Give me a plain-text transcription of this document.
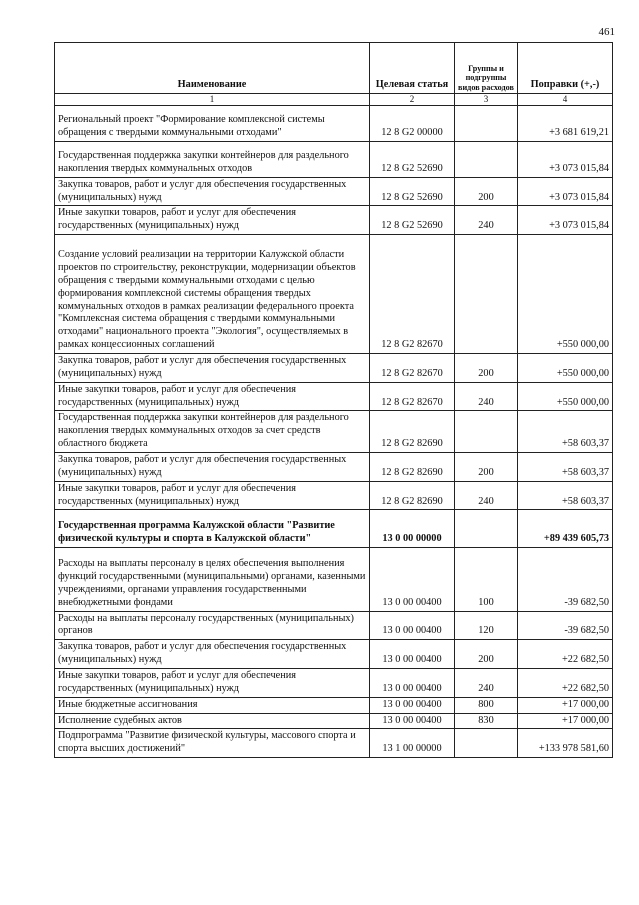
461
Наименование	Целевая статья	Группы и подгруппы видов расходов	Поправки (+,-)
1	2	3	4
Региональный проект "Формирование комплексной системы обращения с твердыми коммунальными отходами"	12 8 G2 00000		+3 681 619,21
Государственная поддержка закупки контейнеров для раздельного накопления твердых коммунальных отходов	12 8 G2 52690		+3 073 015,84
Закупка товаров, работ и услуг для обеспечения государственных (муниципальных) нужд	12 8 G2 52690	200	+3 073 015,84
Иные закупки товаров, работ и услуг для обеспечения государственных (муниципальных) нужд	12 8 G2 52690	240	+3 073 015,84
Создание условий реализации на территории Калужской области проектов по строительству, реконструкции, модернизации объектов обращения с твердыми коммунальными отходами с целью формирования комплексной системы обращения твердых коммунальных отходов в рамках реализации федерального проекта "Комплексная система обращения с твердыми коммунальными отходами" национального проекта "Экология", осуществляемых в рамках концессионных соглашений	12 8 G2 82670		+550 000,00
Закупка товаров, работ и услуг для обеспечения государственных (муниципальных) нужд	12 8 G2 82670	200	+550 000,00
Иные закупки товаров, работ и услуг для обеспечения государственных (муниципальных) нужд	12 8 G2 82670	240	+550 000,00
Государственная поддержка закупки контейнеров для раздельного накопления твердых коммунальных отходов за счет средств областного бюджета	12 8 G2 82690		+58 603,37
Закупка товаров, работ и услуг для обеспечения государственных (муниципальных) нужд	12 8 G2 82690	200	+58 603,37
Иные закупки товаров, работ и услуг для обеспечения государственных (муниципальных) нужд	12 8 G2 82690	240	+58 603,37
Государственная программа Калужской области "Развитие физической культуры и спорта в Калужской области"	13 0 00 00000		+89 439 605,73
Расходы на выплаты персоналу в целях обеспечения выполнения функций государственными (муниципальными) органами, казенными учреждениями, органами управления государственными внебюджетными фондами	13 0 00 00400	100	-39 682,50
Расходы на выплаты персоналу государственных (муниципальных) органов	13 0 00 00400	120	-39 682,50
Закупка товаров, работ и услуг для обеспечения государственных (муниципальных) нужд	13 0 00 00400	200	+22 682,50
Иные закупки товаров, работ и услуг для обеспечения государственных (муниципальных) нужд	13 0 00 00400	240	+22 682,50
Иные бюджетные ассигнования	13 0 00 00400	800	+17 000,00
Исполнение судебных актов	13 0 00 00400	830	+17 000,00
Подпрограмма "Развитие физической культуры, массового спорта и спорта высших достижений"	13 1 00 00000		+133 978 581,60
